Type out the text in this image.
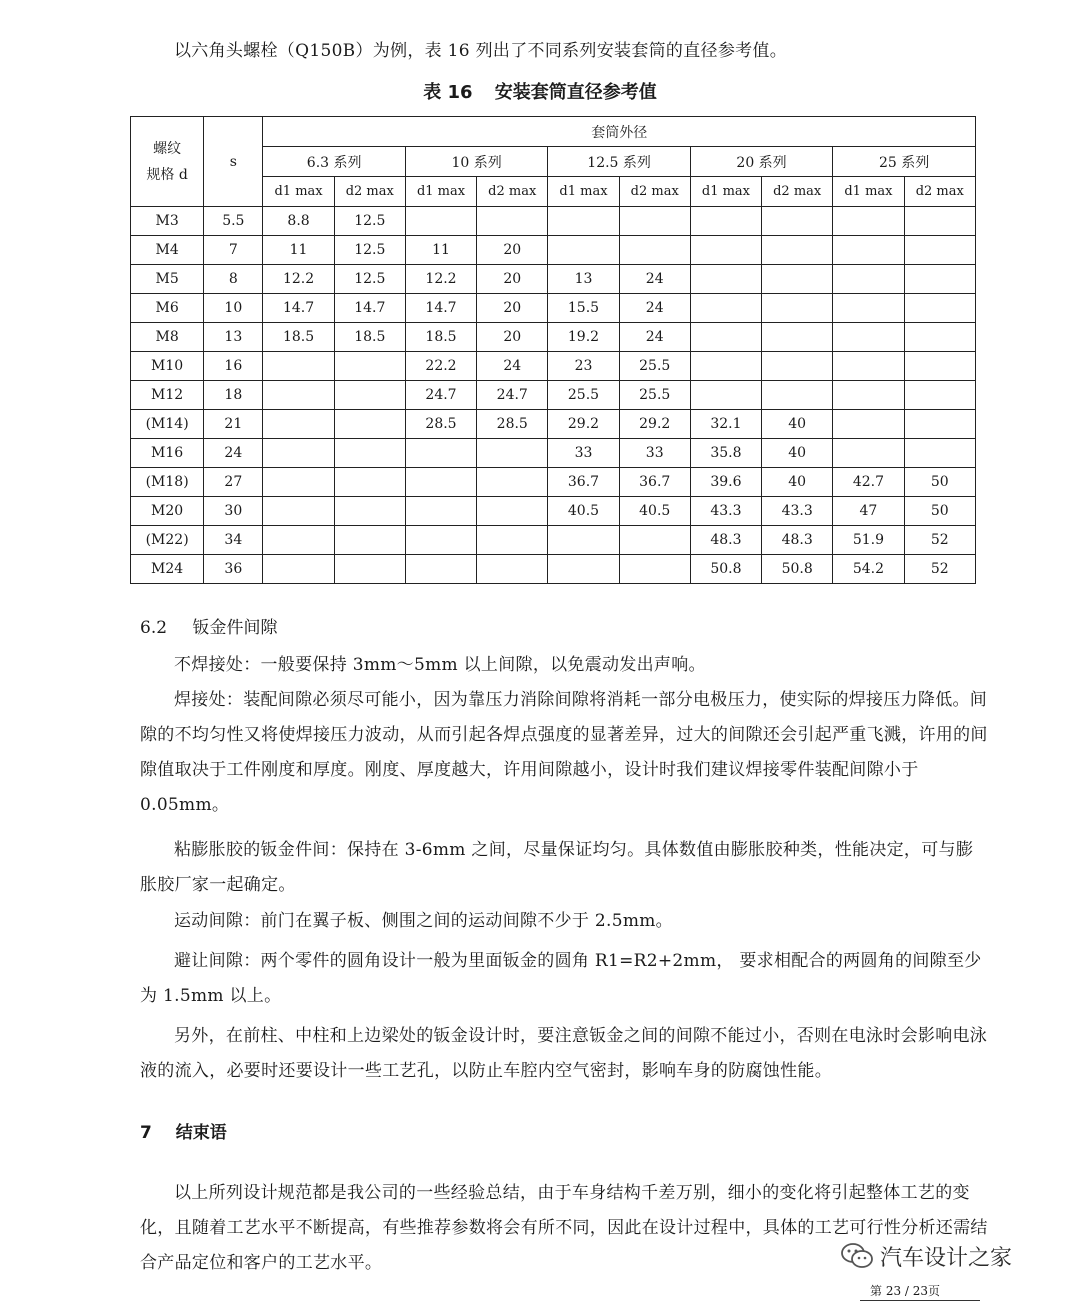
以六角头螺栓（Q150B）为例，表 16 列出了不同系列安装套筒的直径参考值。

表 16 安装套筒直径参考值
螺纹
规格 d	s	套筒外径									
		6.3 系列		10 系列		12.5 系列		20 系列		25 系列	
		d1 max	d2 max	d1 max	d2 max	d1 max	d2 max	d1 max	d2 max	d1 max	d2 max
M3	5.5	8.8	12.5								
M4	7	11	12.5	11	20						
M5	8	12.2	12.5	12.2	20	13	24				
M6	10	14.7	14.7	14.7	20	15.5	24				
M8	13	18.5	18.5	18.5	20	19.2	24				
M10	16			22.2	24	23	25.5				
M12	18			24.7	24.7	25.5	25.5				
(M14)	21			28.5	28.5	29.2	29.2	32.1	40		
M16	24					33	33	35.8	40		
(M18)	27					36.7	36.7	39.6	40	42.7	50
M20	30					40.5	40.5	43.3	43.3	47	50
(M22)	34							48.3	48.3	51.9	52
M24	36							50.8	50.8	54.2	52
6.2 钣金件间隙

不焊接处：一般要保持 3mm～5mm 以上间隙，以免震动发出声响。

焊接处：装配间隙必须尽可能小，因为靠压力消除间隙将消耗一部分电极压力，使实际的焊接压力降低。间隙的不均匀性又将使焊接压力波动，从而引起各焊点强度的显著差异，过大的间隙还会引起严重飞溅，许用的间隙值取决于工件刚度和厚度。刚度、厚度越大，许用间隙越小，设计时我们建议焊接零件装配间隙小于 0.05mm。

粘膨胀胶的钣金件间：保持在 3-6mm 之间，尽量保证均匀。具体数值由膨胀胶种类，性能决定，可与膨胀胶厂家一起确定。

运动间隙：前门在翼子板、侧围之间的运动间隙不少于 2.5mm。

避让间隙：两个零件的圆角设计一般为里面钣金的圆角 R1=R2+2mm， 要求相配合的两圆角的间隙至少为 1.5mm 以上。

另外，在前柱、中柱和上边梁处的钣金设计时，要注意钣金之间的间隙不能过小，否则在电泳时会影响电泳液的流入，必要时还要设计一些工艺孔，以防止车腔内空气密封，影响车身的防腐蚀性能。

7 结束语

以上所列设计规范都是我公司的一些经验总结，由于车身结构千差万别，细小的变化将引起整体工艺的变化，且随着工艺水平不断提高，有些推荐参数将会有所不同，因此在设计过程中，具体的工艺可行性分析还需结合产品定位和客户的工艺水平。

第 23 / 23页
汽车设计之家
